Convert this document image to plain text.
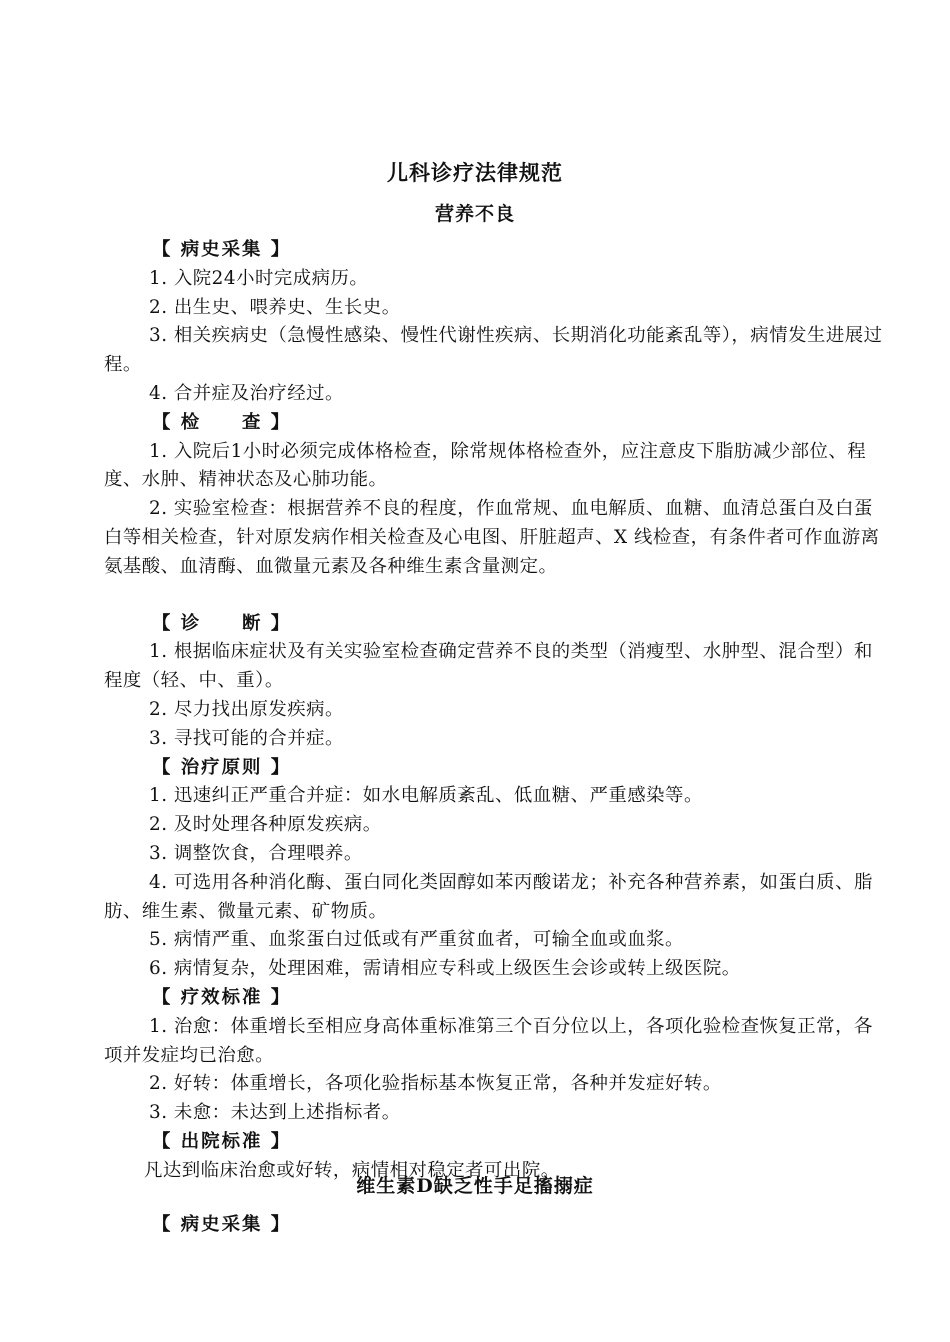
儿科诊疗法律规范
营养不良

【 病史采集 】

1. 入院24小时完成病历。

2. 出生史、喂养史、生长史。

3. 相关疾病史（急慢性感染、慢性代谢性疾病、长期消化功能紊乱等），病情发生进展过程。

4. 合并症及治疗经过。

【 检　　查 】

1. 入院后1小时必须完成体格检查，除常规体格检查外，应注意皮下脂肪减少部位、程度、水肿、精神状态及心肺功能。

2. 实验室检查：根据营养不良的程度，作血常规、血电解质、血糖、血清总蛋白及白蛋白等相关检查，针对原发病作相关检查及心电图、肝脏超声、X 线检查，有条件者可作血游离氨基酸、血清酶、血微量元素及各种维生素含量测定。

【 诊　　断 】

1. 根据临床症状及有关实验室检查确定营养不良的类型（消瘦型、水肿型、混合型）和程度（轻、中、重）。

2. 尽力找出原发疾病。

3. 寻找可能的合并症。

【 治疗原则 】

1. 迅速纠正严重合并症：如水电解质紊乱、低血糖、严重感染等。

2. 及时处理各种原发疾病。

3. 调整饮食，合理喂养。

4. 可选用各种消化酶、蛋白同化类固醇如苯丙酸诺龙；补充各种营养素，如蛋白质、脂肪、维生素、微量元素、矿物质。

5. 病情严重、血浆蛋白过低或有严重贫血者，可输全血或血浆。

6. 病情复杂，处理困难，需请相应专科或上级医生会诊或转上级医院。

【 疗效标准 】

1. 治愈：体重增长至相应身高体重标准第三个百分位以上，各项化验检查恢复正常，各项并发症均已治愈。

2. 好转：体重增长，各项化验指标基本恢复正常，各种并发症好转。

3. 未愈：未达到上述指标者。

【 出院标准 】

凡达到临床治愈或好转，病情相对稳定者可出院。

维生素D缺乏性手足搐搦症
【 病史采集 】
